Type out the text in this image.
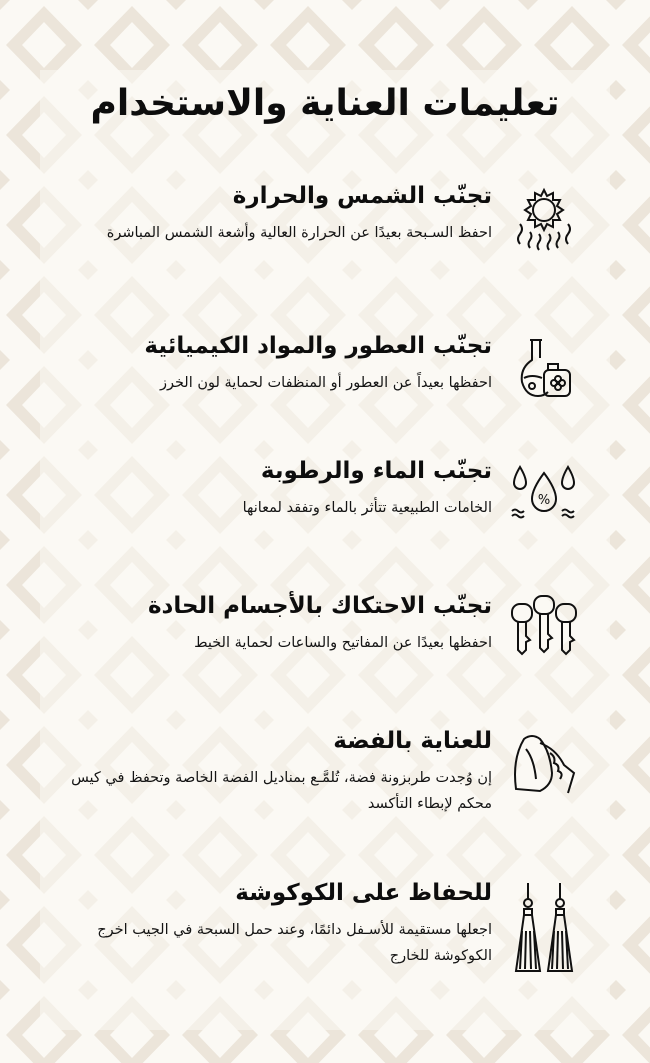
تعليمات العناية والاستخدام
تجنّب الشمس والحرارة
احفظ السـبحة بعيدًا عن الحرارة العالية وأشعة الشمس المباشرة
تجنّب العطور والمواد الكيميائية
احفظها بعيداً عن العطور أو المنظفات لحماية لون الخرز
%
تجنّب الماء والرطوبة
الخامات الطبيعية تتأثر بالماء وتفقد لمعانها
تجنّب الاحتكاك بالأجسام الحادة
احفظها بعيدًا عن المفاتيح والساعات لحماية الخيط
للعناية بالفضة
إن وُجدت طربزونة فضة، تُلمَّـع بمناديل الفضة الخاصة وتحفظ في كيس محكم لإبطاء التأكسد
للحفاظ على الكوكوشة
اجعلها مستقيمة للأسـفل دائمًا، وعند حمل السبحة في الجيب اخرج الكوكوشة للخارج
